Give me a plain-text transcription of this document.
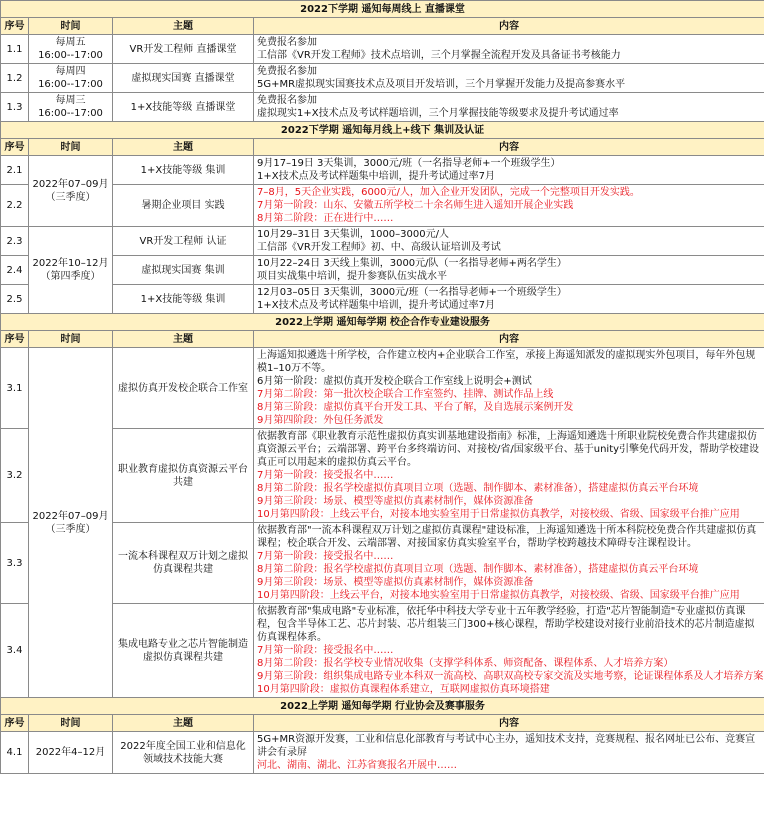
2022下学期 遥知每周线上 直播课堂			
序号	时间	主题	内容
1.1	每周五
16:00--17:00	VR开发工程师 直播课堂	免费报名参加
工信部《VR开发工程师》技术点培训，三个月掌握全流程开发及具备证书考核能力

1.2	每周四
16:00--17:00	虚拟现实国赛 直播课堂	免费报名参加
5G+MR虚拟现实国赛技术点及项目开发培训，三个月掌握开发能力及提高参赛水平

1.3	每周三
16:00--17:00	1+X技能等级 直播课堂	免费报名参加
虚拟现实1+X技术点及考试样题培训，三个月掌握技能等级要求及提升考试通过率

2022下学期 遥知每月线上+线下 集训及认证			
序号	时间	主题	内容
2.1	2022年07–09月
（三季度）	1+X技能等级 集训	9月17–19日 3天集训，3000元/班（一名指导老师+一个班级学生）
1+X技术点及考试样题集中培训，提升考试通过率7月

2.2		暑期企业项目 实践	7–8月，5天企业实践，6000元/人，加入企业开发团队，完成一个完整项目开发实践。
7月第一阶段：山东、安徽五所学校二十余名师生进入遥知开展企业实践
8月第二阶段：正在进行中……

2.3	2022年10–12月
（第四季度）	VR开发工程师 认证	10月29–31日 3天集训，1000–3000元/人
工信部《VR开发工程师》初、中、高级认证培训及考试

2.4		虚拟现实国赛 集训	10月22–24日 3天线上集训，3000元/队（一名指导老师+两名学生）
项目实战集中培训，提升参赛队伍实战水平

2.5		1+X技能等级 集训	12月03–05日 3天集训，3000元/班（一名指导老师+一个班级学生）
1+X技术点及考试样题集中培训，提升考试通过率7月

2022上学期 遥知每学期 校企合作专业建设服务			
序号	时间	主题	内容
3.1	2022年07–09月
（三季度）	虚拟仿真开发校企联合工作室	上海遥知拟遴选十所学校，合作建立校内+企业联合工作室，承接上海遥知派发的虚拟现实外包项目，每年外包规模1–10万不等。
6月第一阶段：虚拟仿真开发校企联合工作室线上说明会+测试
7月第二阶段：第一批次校企联合工作室签约、挂牌、测试作品上线
8月第三阶段：虚拟仿真平台开发工具、平台了解，及自选展示案例开发
9月第四阶段：外包任务派发

3.2		职业教育虚拟仿真资源云平台
共建	依据教育部《职业教育示范性虚拟仿真实训基地建设指南》标准，上海遥知遴选十所职业院校免费合作共建虚拟仿真资源云平台；云端部署、跨平台多终端访问、对接校/省/国家级平台、基于unity引擎免代码开发，帮助学校建设真正可以用起来的虚拟仿真云平台。
7月第一阶段：接受报名中……
8月第二阶段：报名学校虚拟仿真项目立项（选题、制作脚本、素材准备），搭建虚拟仿真云平台环境
9月第三阶段：场景、模型等虚拟仿真素材制作，媒体资源准备
10月第四阶段：上线云平台，对接本地实验室用于日常虚拟仿真教学，对接校级、省级、国家级平台推广应用

3.3		一流本科课程双万计划之虚拟
仿真课程共建	依据教育部"一流本科课程双万计划之虚拟仿真课程"建设标准，上海遥知遴选十所本科院校免费合作共建虚拟仿真课程；校企联合开发、云端部署、对接国家仿真实验室平台，帮助学校跨越技术障碍专注课程设计。
7月第一阶段：接受报名中……
8月第二阶段：报名学校虚拟仿真项目立项（选题、制作脚本、素材准备），搭建虚拟仿真云平台环境
9月第三阶段：场景、模型等虚拟仿真素材制作，媒体资源准备
10月第四阶段：上线云平台，对接本地实验室用于日常虚拟仿真教学，对接校级、省级、国家级平台推广应用

3.4		集成电路专业之芯片智能制造
虚拟仿真课程共建	依据教育部"集成电路"专业标准，依托华中科技大学专业十五年教学经验，打造"芯片智能制造"专业虚拟仿真课程，包含半导体工艺、芯片封装、芯片组装三门300+核心课程，帮助学校建设对接行业前沿技术的芯片制造虚拟仿真课程体系。
7月第一阶段：接受报名中……
8月第二阶段：报名学校专业情况收集（支撑学科体系、师资配备、课程体系、人才培养方案）
9月第三阶段：组织集成电路专业本科双一流高校、高职双高校专家交流及实地考察，论证课程体系及人才培养方案
10月第四阶段：虚拟仿真课程体系建立，互联网虚拟仿真环境搭建

2022上学期 遥知每学期 行业协会及赛事服务			
序号	时间	主题	内容
4.1	2022年4–12月	2022年度全国工业和信息化
领域技术技能大赛	5G+MR资源开发赛，工业和信息化部教育与考试中心主办，遥知技术支持，竞赛规程、报名网址已公布、竞赛宣讲会有录屏
河北、湖南、湖北、江苏省赛报名开展中……
